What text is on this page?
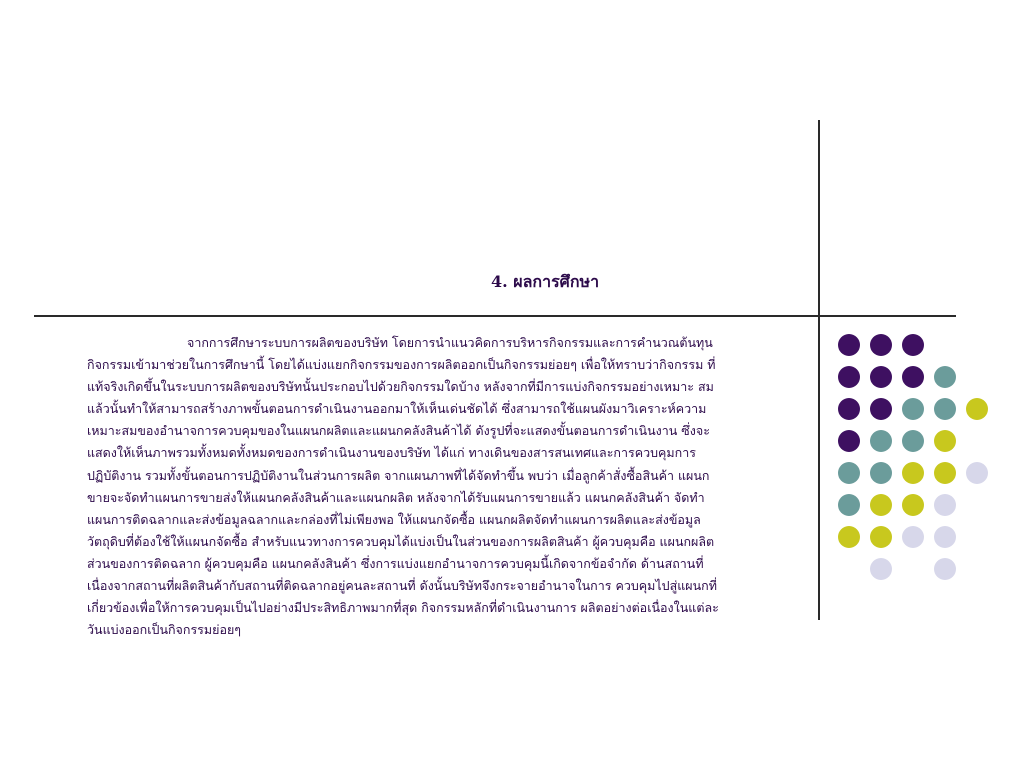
4. ผลการศึกษา
จากการศึกษาระบบการผลิตของบริษัท โดยการนำแนวคิดการบริหารกิจกรรมและการคำนวณต้นทุน
กิจกรรมเข้ามาช่วยในการศึกษานี้ โดยได้แบ่งแยกกิจกรรมของการผลิตออกเป็นกิจกรรมย่อยๆ เพื่อให้ทราบว่ากิจกรรม ที่
แท้จริงเกิดขึ้นในระบบการผลิตของบริษัทนั้นประกอบไปด้วยกิจกรรมใดบ้าง หลังจากที่มีการแบ่งกิจกรรมอย่างเหมาะ สม
แล้วนั้นทำให้สามารถสร้างภาพขั้นตอนการดำเนินงานออกมาให้เห็นเด่นชัดได้ ซึ่งสามารถใช้แผนผังมาวิเคราะห์ความ
เหมาะสมของอำนาจการควบคุมของในแผนกผลิตและแผนกคลังสินค้าได้ ดังรูปที่จะแสดงขั้นตอนการดำเนินงาน ซึ่งจะ
แสดงให้เห็นภาพรวมทั้งหมดทั้งหมดของการดำเนินงานของบริษัท ได้แก่ ทางเดินของสารสนเทศและการควบคุมการ
ปฏิบัติงาน รวมทั้งขั้นตอนการปฏิบัติงานในส่วนการผลิต จากแผนภาพที่ได้จัดทำขึ้น พบว่า เมื่อลูกค้าสั่งซื้อสินค้า แผนก
ขายจะจัดทำแผนการขายส่งให้แผนกคลังสินค้าและแผนกผลิต หลังจากได้รับแผนการขายแล้ว แผนกคลังสินค้า จัดทำ
แผนการติดฉลากและส่งข้อมูลฉลากและกล่องที่ไม่เพียงพอ ให้แผนกจัดซื้อ แผนกผลิตจัดทำแผนการผลิตและส่งข้อมูล
วัตถุดิบที่ต้องใช้ให้แผนกจัดซื้อ สำหรับแนวทางการควบคุมได้แบ่งเป็นในส่วนของการผลิตสินค้า ผู้ควบคุมคือ แผนกผลิต
ส่วนของการติดฉลาก ผู้ควบคุมคือ แผนกคลังสินค้า ซึ่งการแบ่งแยกอำนาจการควบคุมนี้เกิดจากข้อจำกัด ด้านสถานที่
เนื่องจากสถานที่ผลิตสินค้ากับสถานที่ติดฉลากอยู่คนละสถานที่ ดังนั้นบริษัทจึงกระจายอำนาจในการ ควบคุมไปสู่แผนกที่
เกี่ยวข้องเพื่อให้การควบคุมเป็นไปอย่างมีประสิทธิภาพมากที่สุด กิจกรรมหลักที่ดำเนินงานการ ผลิตอย่างต่อเนื่องในแต่ละ
วันแบ่งออกเป็นกิจกรรมย่อยๆ
